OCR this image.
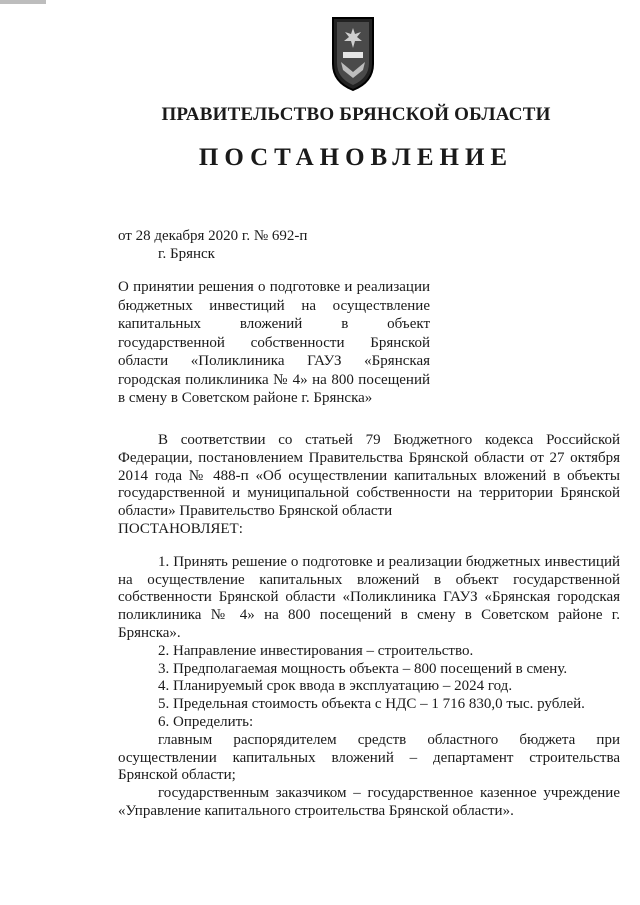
ПРАВИТЕЛЬСТВО БРЯНСКОЙ ОБЛАСТИ
ПОСТАНОВЛЕНИЕ
от 28 декабря 2020 г. № 692-п
г. Брянск
О принятии решения о подготовке и реализации бюджетных инвестиций на осуществление капитальных вложений в объект государственной собственности Брянской области «Поликлиника ГАУЗ «Брянская городская поликлиника № 4» на 800 посещений в смену в Советском районе г. Брянска»

В соответствии со статьей 79 Бюджетного кодекса Российской Федерации, постановлением Правительства Брянской области от 27 октября 2014 года № 488-п «Об осуществлении капитальных вложений в объекты государственной и муниципальной собственности на территории Брянской области» Правительство Брянской области

ПОСТАНОВЛЯЕТ:

1. Принять решение о подготовке и реализации бюджетных инвестиций на осуществление капитальных вложений в объект государственной собственности Брянской области «Поликлиника ГАУЗ «Брянская городская поликлиника № 4» на 800 посещений в смену в Советском районе г. Брянска».

2. Направление инвестирования – строительство.

3. Предполагаемая мощность объекта – 800 посещений в смену.

4. Планируемый срок ввода в эксплуатацию – 2024 год.

5. Предельная стоимость объекта с НДС – 1 716 830,0 тыс. рублей.

6. Определить:

главным распорядителем средств областного бюджета при осуществлении капитальных вложений – департамент строительства Брянской области;

государственным заказчиком – государственное казенное учреждение «Управление капитального строительства Брянской области».
